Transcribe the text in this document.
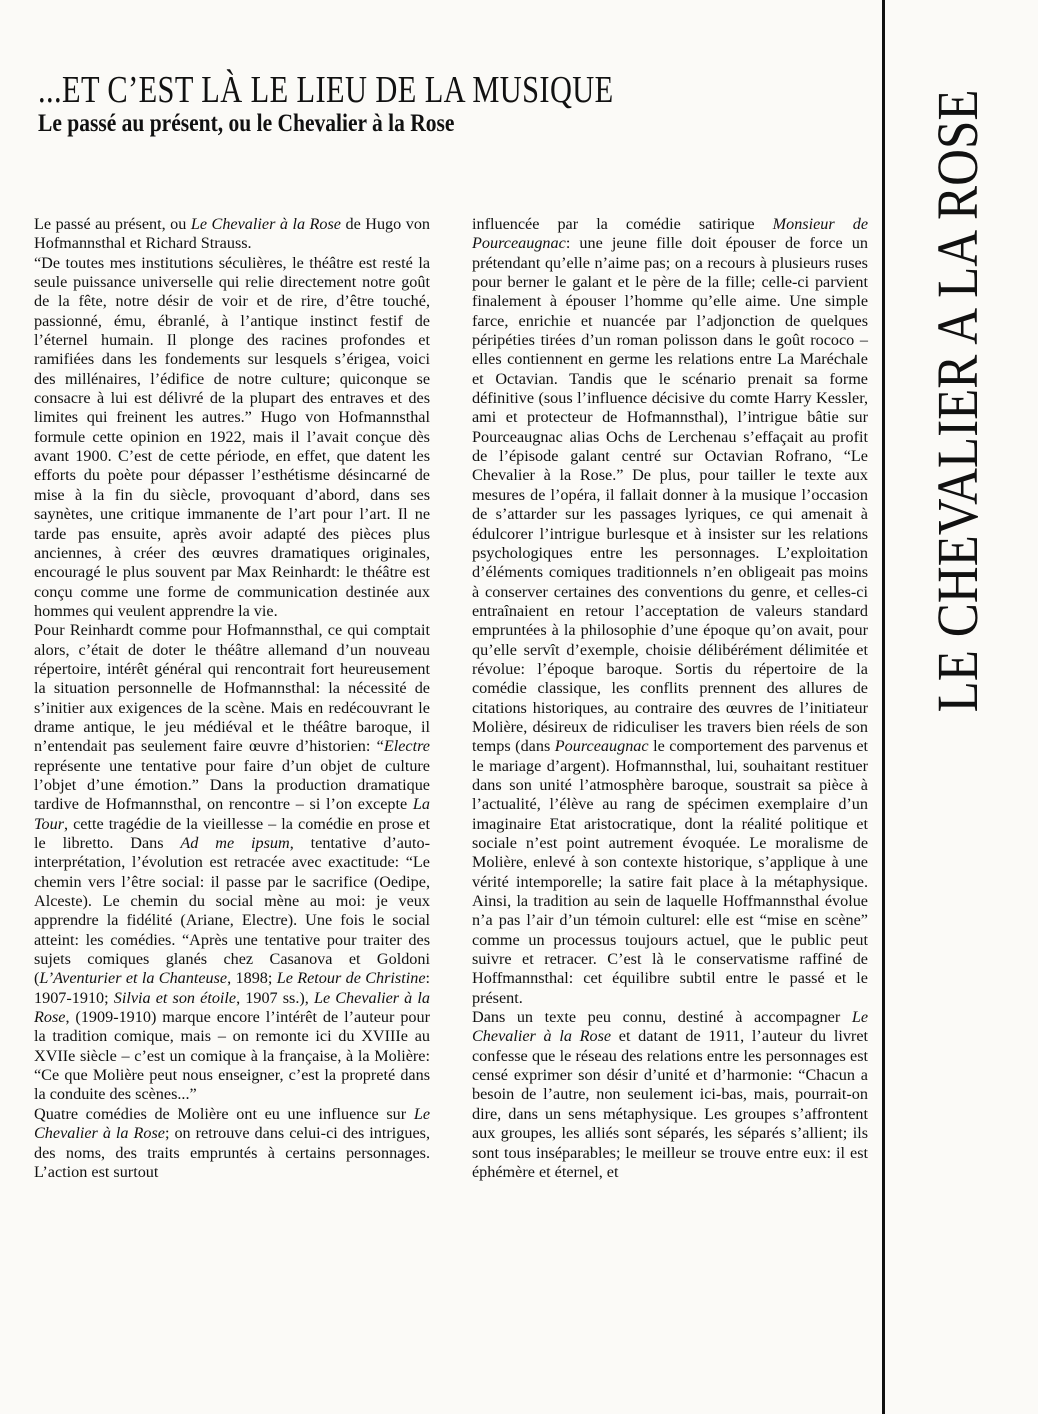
...ET C’EST LÀ LE LIEU DE LA MUSIQUE
Le passé au présent, ou le Chevalier à la Rose

Le passé au présent, ou Le Chevalier à la Rose de Hugo von Hofmannsthal et Richard Strauss.

“De toutes mes institutions séculières, le théâtre est resté la seule puissance universelle qui relie directement notre goût de la fête, notre désir de voir et de rire, d’être touché, passionné, ému, ébranlé, à l’antique instinct festif de l’éternel humain. Il plonge des racines profondes et ramifiées dans les fondements sur lesquels s’érigea, voici des millénaires, l’édifice de notre culture; quiconque se consacre à lui est délivré de la plupart des entraves et des limites qui freinent les autres.” Hugo von Hofmannsthal formule cette opinion en 1922, mais il l’avait conçue dès avant 1900. C’est de cette période, en effet, que datent les efforts du poète pour dépasser l’esthétisme désincarné de mise à la fin du siècle, provoquant d’abord, dans ses saynètes, une critique immanente de l’art pour l’art. Il ne tarde pas ensuite, après avoir adapté des pièces plus anciennes, à créer des œuvres dramatiques originales, encouragé le plus souvent par Max Reinhardt: le théâtre est conçu comme une forme de communication destinée aux hommes qui veulent apprendre la vie.

Pour Reinhardt comme pour Hofmannsthal, ce qui comptait alors, c’était de doter le théâtre allemand d’un nouveau répertoire, intérêt général qui rencontrait fort heureusement la situation personnelle de Hofmannsthal: la nécessité de s’initier aux exigences de la scène. Mais en redécouvrant le drame antique, le jeu médiéval et le théâtre baroque, il n’entendait pas seulement faire œuvre d’historien: “Electre représente une tentative pour faire d’un objet de culture l’objet d’une émotion.” Dans la production dramatique tardive de Hofmannsthal, on rencontre – si l’on excepte La Tour, cette tragédie de la vieillesse – la comédie en prose et le libretto. Dans Ad me ipsum, tentative d’auto-interprétation, l’évolution est retracée avec exactitude: “Le chemin vers l’être social: il passe par le sacrifice (Oedipe, Alceste). Le chemin du social mène au moi: je veux apprendre la fidélité (Ariane, Electre). Une fois le social atteint: les comédies. “Après une tentative pour traiter des sujets comiques glanés chez Casanova et Goldoni (L’Aventurier et la Chanteuse, 1898; Le Retour de Christine: 1907-1910; Silvia et son étoile, 1907 ss.), Le Chevalier à la Rose, (1909-1910) marque encore l’intérêt de l’auteur pour la tradition comique, mais – on remonte ici du XVIIIe au XVIIe siècle – c’est un comique à la française, à la Molière: “Ce que Molière peut nous enseigner, c’est la propreté dans la conduite des scènes...”

Quatre comédies de Molière ont eu une influence sur Le Chevalier à la Rose; on retrouve dans celui-ci des intrigues, des noms, des traits empruntés à certains personnages. L’action est surtout

influencée par la comédie satirique Monsieur de Pourceaugnac: une jeune fille doit épouser de force un prétendant qu’elle n’aime pas; on a recours à plusieurs ruses pour berner le galant et le père de la fille; celle-ci parvient finalement à épouser l’homme qu’elle aime. Une simple farce, enrichie et nuancée par l’adjonction de quelques péripéties tirées d’un roman polisson dans le goût rococo – elles contiennent en germe les relations entre La Maréchale et Octavian. Tandis que le scénario prenait sa forme définitive (sous l’influence décisive du comte Harry Kessler, ami et protecteur de Hofmannsthal), l’intrigue bâtie sur Pourceaugnac alias Ochs de Lerchenau s’effaçait au profit de l’épisode galant centré sur Octavian Rofrano, “Le Chevalier à la Rose.” De plus, pour tailler le texte aux mesures de l’opéra, il fallait donner à la musique l’occasion de s’attarder sur les passages lyriques, ce qui amenait à édulcorer l’intrigue burlesque et à insister sur les relations psychologiques entre les personnages. L’exploitation d’éléments comiques traditionnels n’en obligeait pas moins à conserver certaines des conventions du genre, et celles-ci entraînaient en retour l’acceptation de valeurs standard empruntées à la philosophie d’une époque qu’on avait, pour qu’elle servît d’exemple, choisie délibérément délimitée et révolue: l’époque baroque. Sortis du répertoire de la comédie classique, les conflits prennent des allures de citations historiques, au contraire des œuvres de l’initiateur Molière, désireux de ridiculiser les travers bien réels de son temps (dans Pourceaugnac le comportement des parvenus et le mariage d’argent). Hofmannsthal, lui, souhaitant restituer dans son unité l’atmosphère baroque, soustrait sa pièce à l’actualité, l’élève au rang de spécimen exemplaire d’un imaginaire Etat aristocratique, dont la réalité politique et sociale n’est point autrement évoquée. Le moralisme de Molière, enlevé à son contexte historique, s’applique à une vérité intemporelle; la satire fait place à la métaphysique. Ainsi, la tradition au sein de laquelle Hoffmannsthal évolue n’a pas l’air d’un témoin culturel: elle est “mise en scène” comme un processus toujours actuel, que le public peut suivre et retracer. C’est là le conservatisme raffiné de Hoffmannsthal: cet équilibre subtil entre le passé et le présent.

Dans un texte peu connu, destiné à accompagner Le Chevalier à la Rose et datant de 1911, l’auteur du livret confesse que le réseau des relations entre les personnages est censé exprimer son désir d’unité et d’harmonie: “Chacun a besoin de l’autre, non seulement ici-bas, mais, pourrait-on dire, dans un sens métaphysique. Les groupes s’affrontent aux groupes, les alliés sont séparés, les séparés s’allient; ils sont tous inséparables; le meilleur se trouve entre eux: il est éphémère et éternel, et

LE CHEVALIER A LA ROSE
